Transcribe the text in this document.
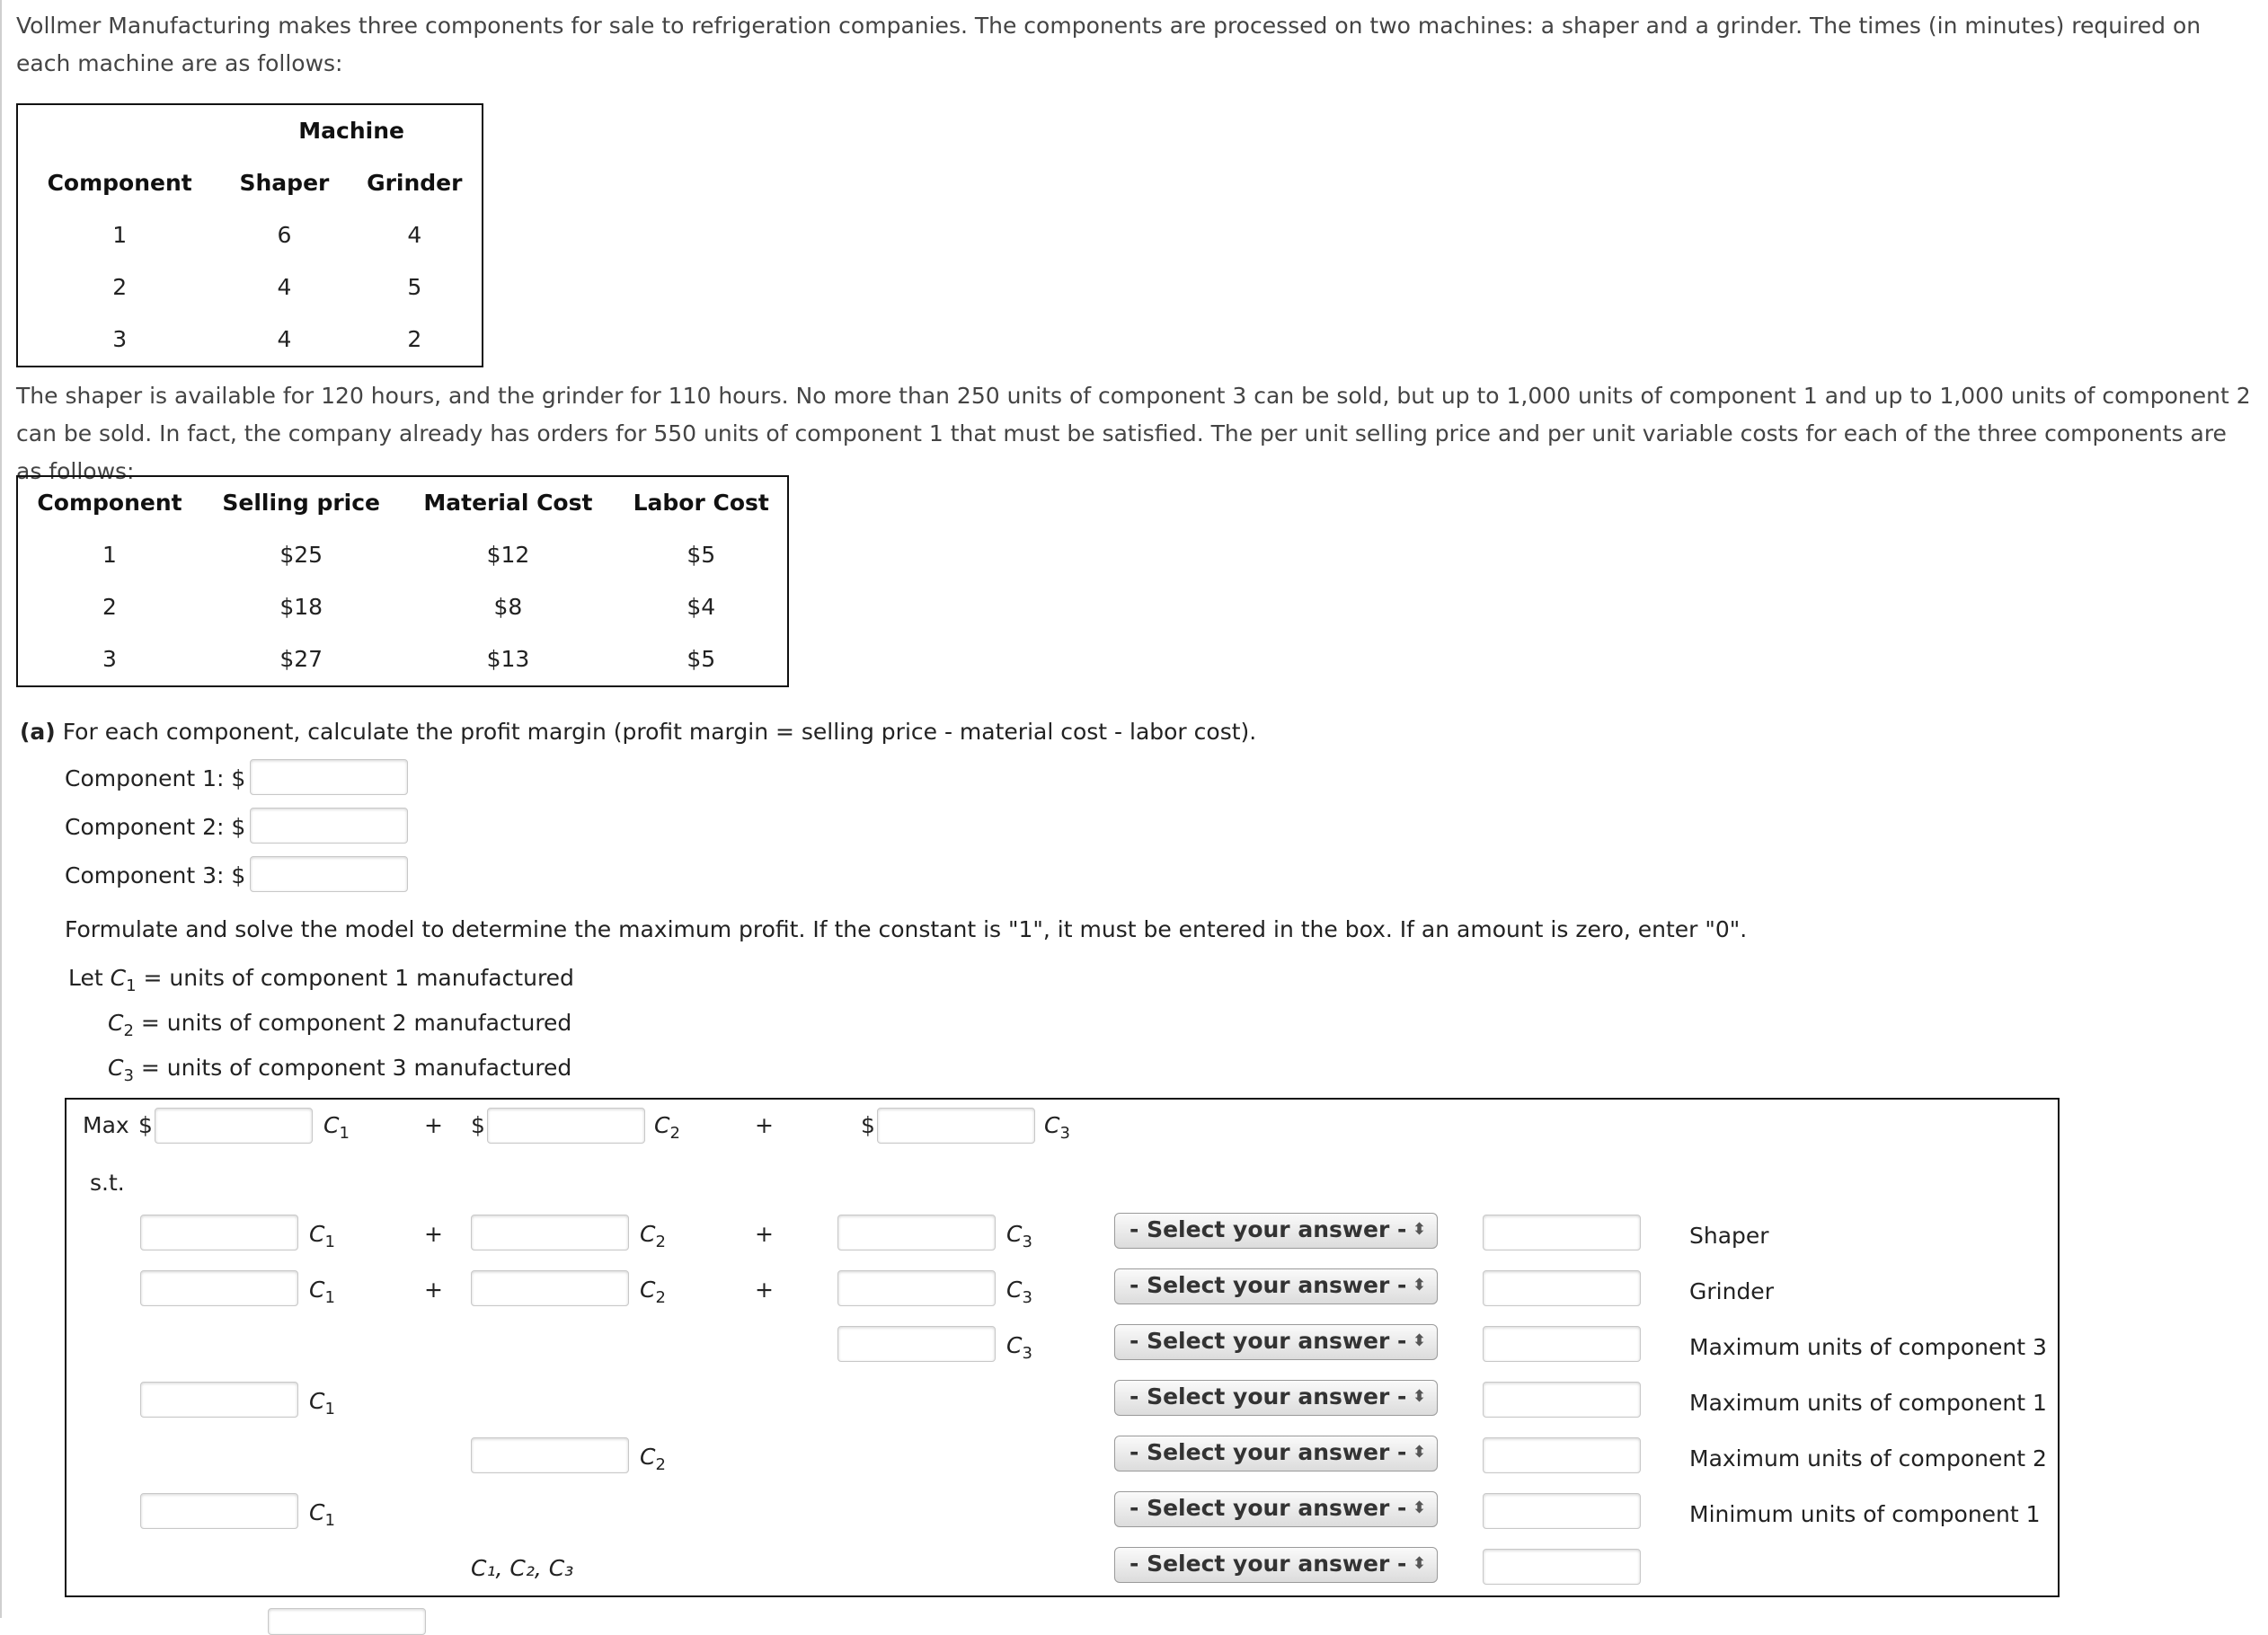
Vollmer Manufacturing makes three components for sale to refrigeration companies. The components are processed on two machines: a shaper and a grinder. The times (in minutes) required on each machine are as follows:

	Machine	
Component	Shaper	Grinder
1	6	4
2	4	5
3	4	2

The shaper is available for 120 hours, and the grinder for 110 hours. No more than 250 units of component 3 can be sold, but up to 1,000 units of component 1 and up to 1,000 units of component 2 can be sold. In fact, the company already has orders for 550 units of component 1 that must be satisfied. The per unit selling price and per unit variable costs for each of the three components are as follows:

Component	Selling price	Material Cost	Labor Cost
1	$25	$12	$5
2	$18	$8	$4
3	$27	$13	$5
(a) For each component, calculate the profit margin (profit margin = selling price - material cost - labor cost).
Component 1: $
Component 2: $
Component 3: $
Formulate and solve the model to determine the maximum profit. If the constant is "1", it must be entered in the box. If an amount is zero, enter "0".
Let $C_1$ = units of component 1 manufactured
$C_2$ = units of component 2 manufactured
$C_3$ = units of component 3 manufactured
Max $	$C_1$	+ $	$C_2$	+	$	$C_3$
s.t.
$C_1$	+	$C_2$	+	$C_3$	- Select your answer - ⬍	Shaper
$C_1$	+	$C_2$	+	$C_3$	- Select your answer - ⬍	Grinder
$C_3$	- Select your answer - ⬍	Maximum units of component 3
$C_1$	- Select your answer - ⬍	Maximum units of component 1
$C_2$	- Select your answer - ⬍	Maximum units of component 2
$C_1$	- Select your answer - ⬍	Minimum units of component 1
C₁, C₂, C₃	- Select your answer - ⬍
